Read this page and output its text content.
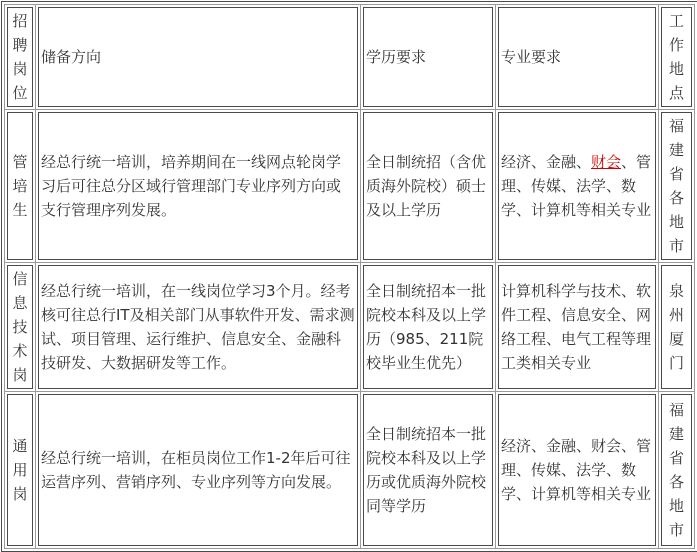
招聘岗位	储备方向	学历要求	专业要求	工作地点
管培生	经总行统一培训，培养期间在一线网点轮岗学习后可往总分区域行管理部门专业序列方向或支行管理序列发展。	全日制统招（含优质海外院校）硕士及以上学历	经济、金融、财会、管理、传媒、法学、数学、计算机等相关专业	福建省各地市
信息技术岗	经总行统一培训，在一线岗位学习3个月。经考核可往总行IT及相关部门从事软件开发、需求测试、项目管理、运行维护、信息安全、金融科技研发、大数据研发等工作。	全日制统招本一批院校本科及以上学历（985、211院校毕业生优先）	计算机科学与技术、软件工程、信息安全、网络工程、电气工程等理工类相关专业	泉州厦门
通用岗	经总行统一培训，在柜员岗位工作1-2年后可往运营序列、营销序列、专业序列等方向发展。	全日制统招本一批院校本科及以上学历或优质海外院校同等学历	经济、金融、财会、管理、传媒、法学、数学、计算机等相关专业	福建省各地市
